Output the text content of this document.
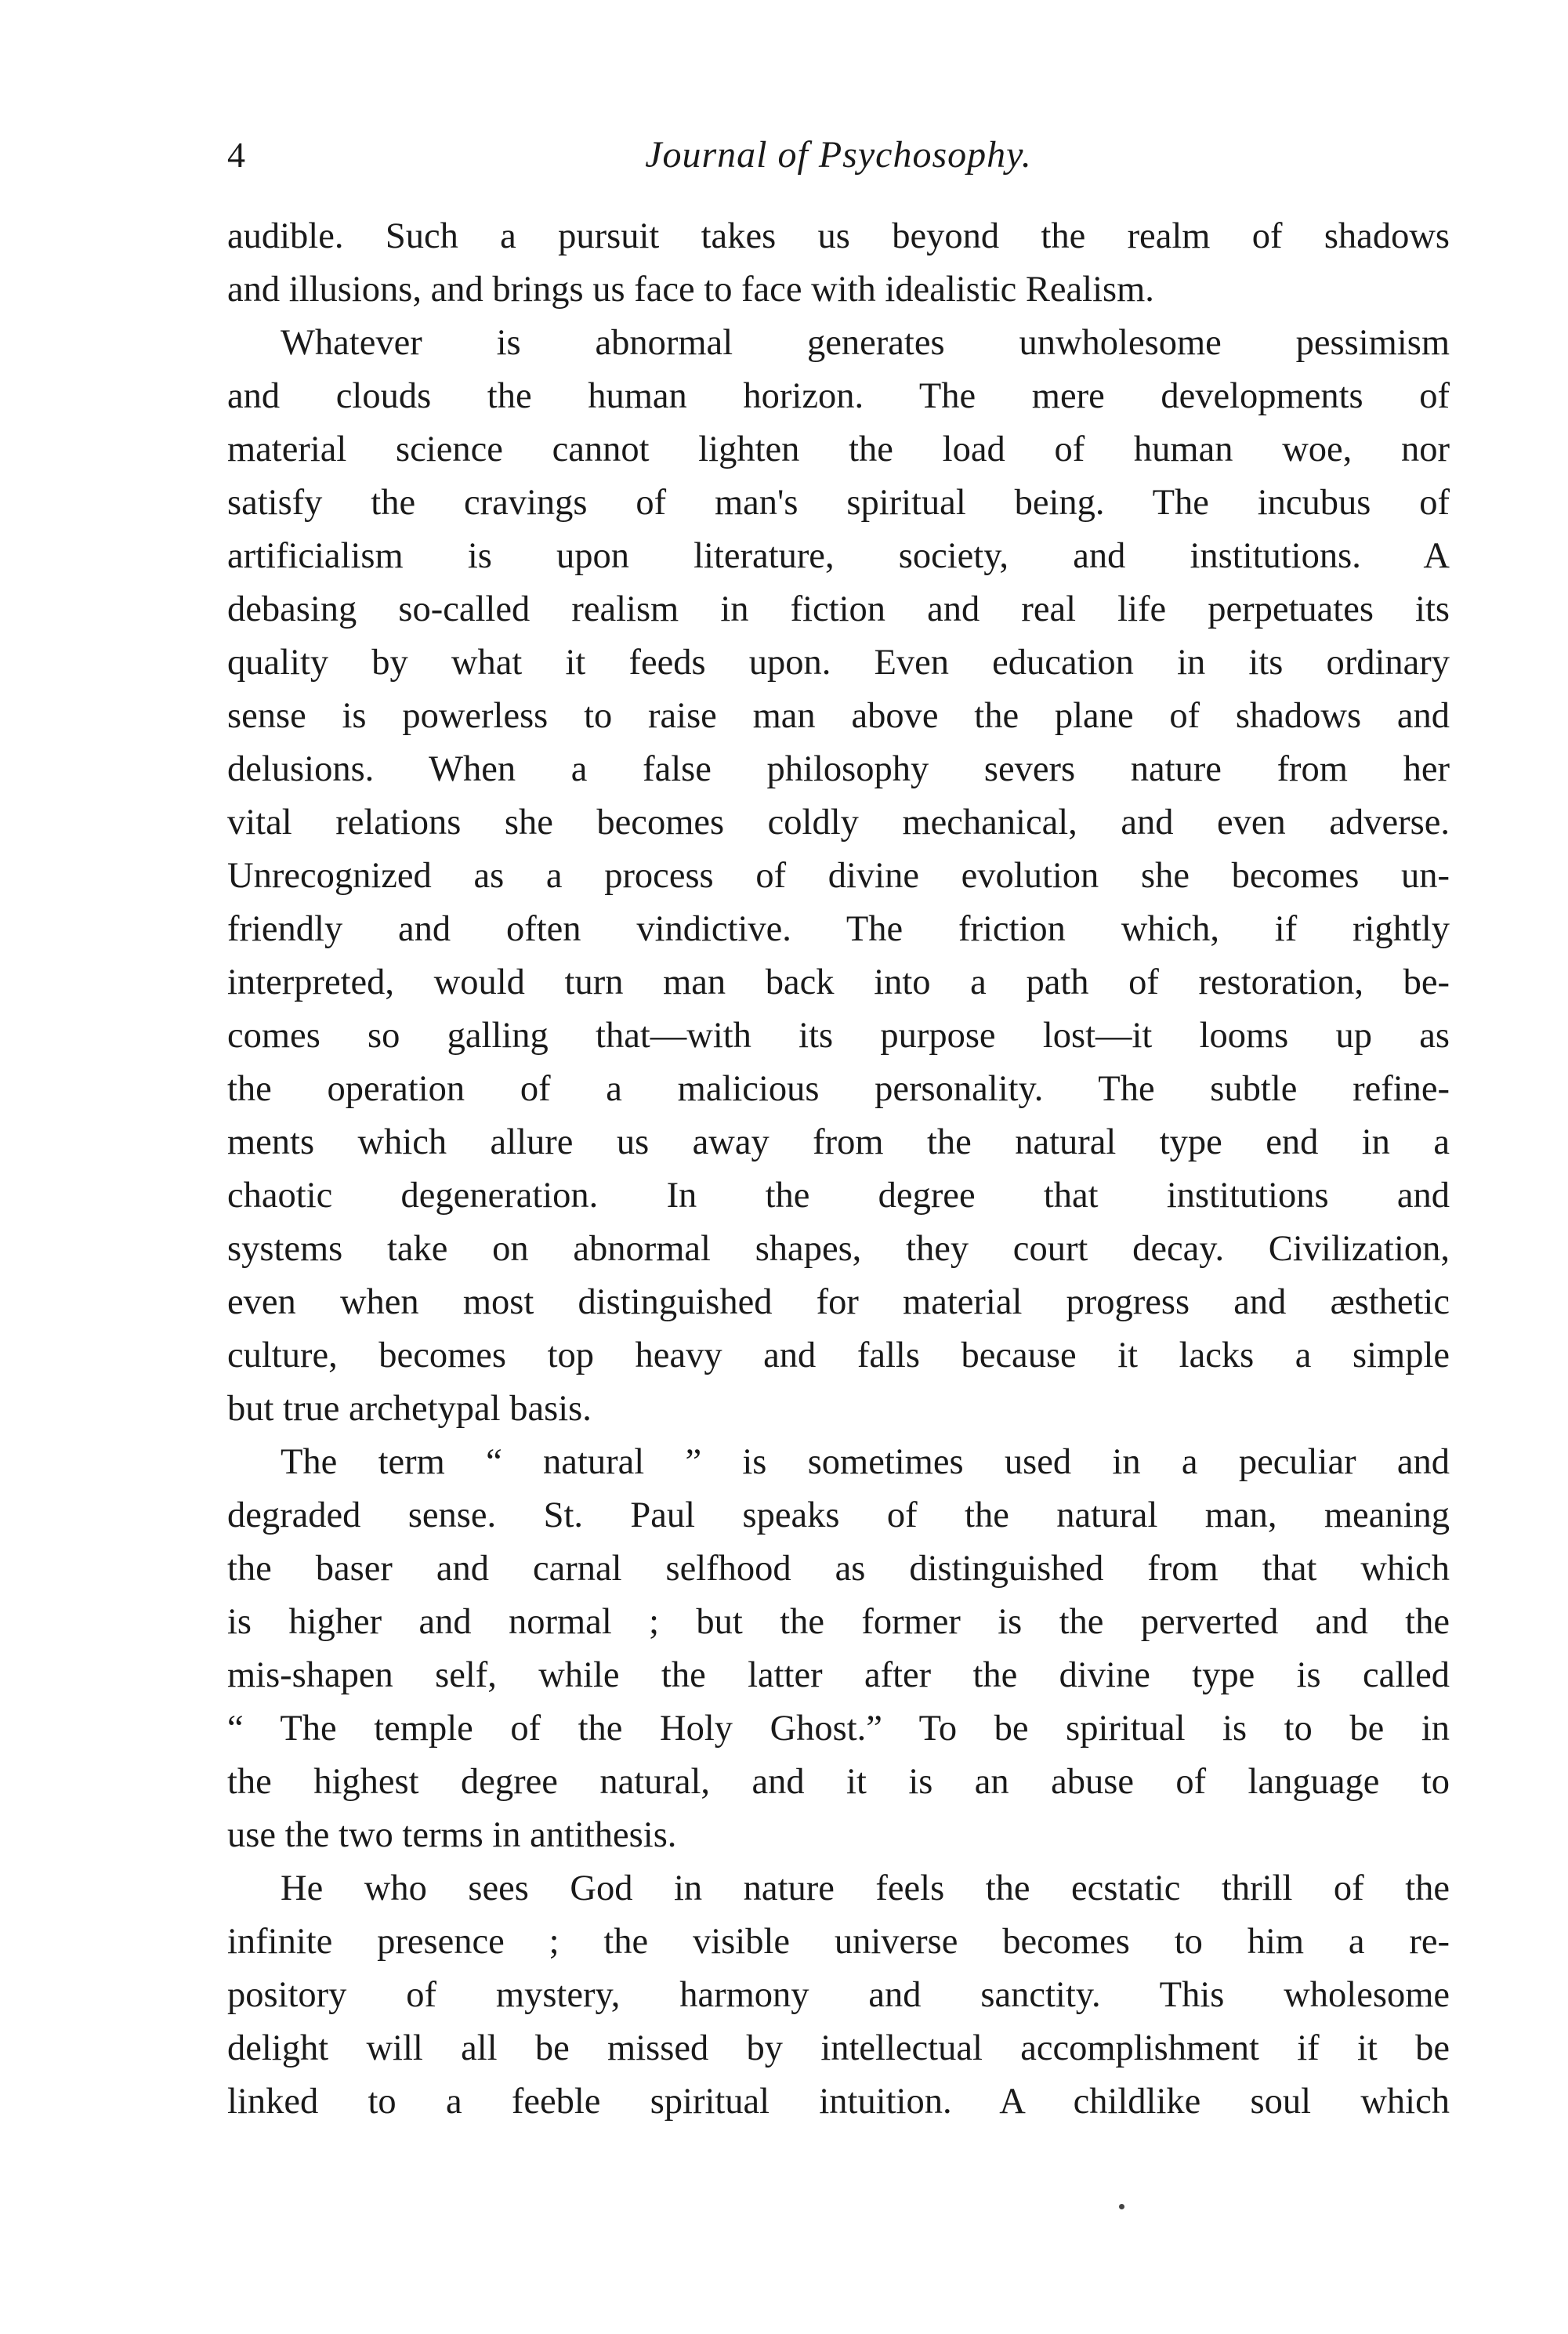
4	Journal of Psychosophy.
audible. Such a pursuit takes us beyond the realm of shadows
and illusions, and brings us face to face with idealistic Realism.
Whatever is abnormal generates unwholesome pessimism
and clouds the human horizon. The mere developments of
material science cannot lighten the load of human woe, nor
satisfy the cravings of man's spiritual being. The incubus of
artificialism is upon literature, society, and institutions. A
debasing so-called realism in fiction and real life perpetuates its
quality by what it feeds upon. Even education in its ordinary
sense is powerless to raise man above the plane of shadows and
delusions. When a false philosophy severs nature from her
vital relations she becomes coldly mechanical, and even adverse.
Unrecognized as a process of divine evolution she becomes un-
friendly and often vindictive. The friction which, if rightly
interpreted, would turn man back into a path of restoration, be-
comes so galling that—with its purpose lost—it looms up as
the operation of a malicious personality. The subtle refine-
ments which allure us away from the natural type end in a
chaotic degeneration. In the degree that institutions and
systems take on abnormal shapes, they court decay. Civilization,
even when most distinguished for material progress and æsthetic
culture, becomes top heavy and falls because it lacks a simple
but true archetypal basis.
The term “ natural ” is sometimes used in a peculiar and
degraded sense. St. Paul speaks of the natural man, meaning
the baser and carnal selfhood as distinguished from that which
is higher and normal ; but the former is the perverted and the
mis-shapen self, while the latter after the divine type is called
“ The temple of the Holy Ghost.” To be spiritual is to be in
the highest degree natural, and it is an abuse of language to
use the two terms in antithesis.
He who sees God in nature feels the ecstatic thrill of the
infinite presence ; the visible universe becomes to him a re-
pository of mystery, harmony and sanctity. This wholesome
delight will all be missed by intellectual accomplishment if it be
linked to a feeble spiritual intuition. A childlike soul which
